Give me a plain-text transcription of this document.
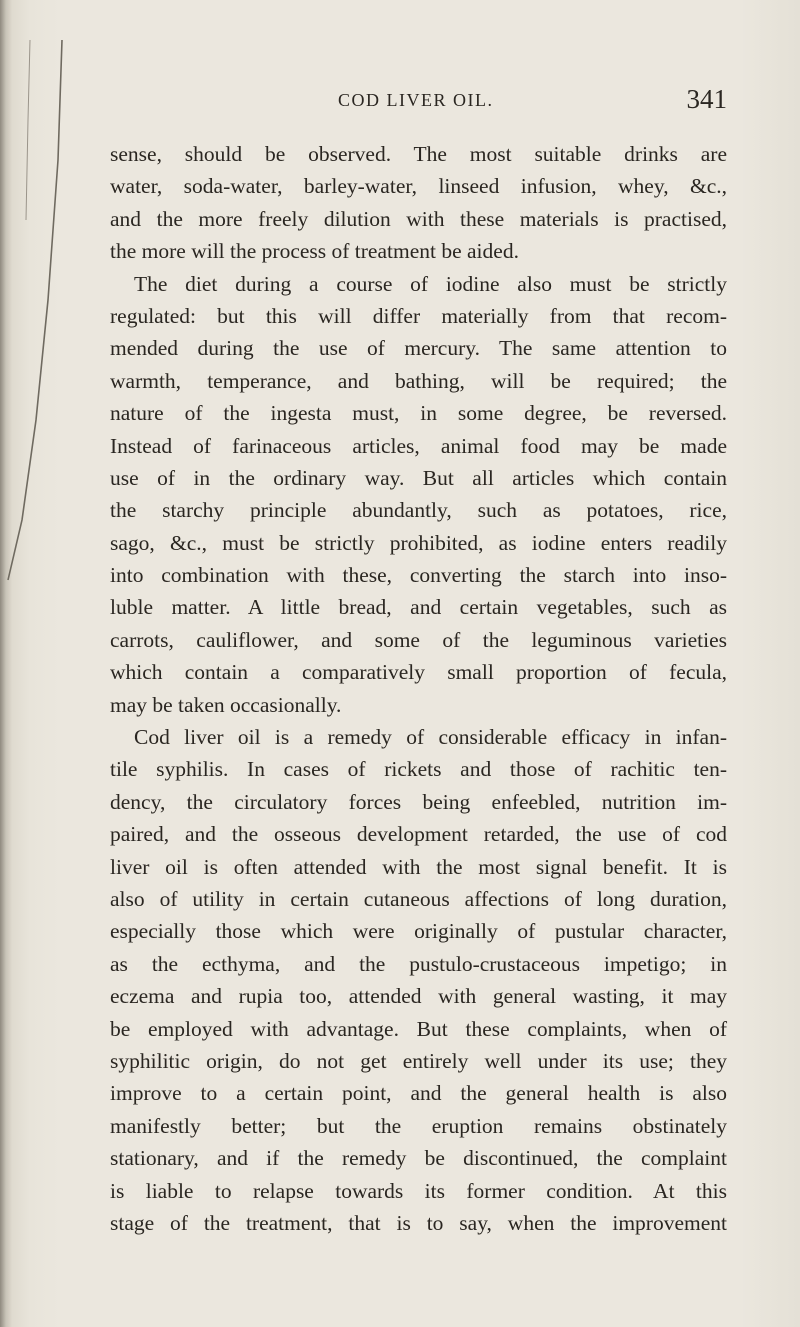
COD LIVER OIL.	341
sense, should be observed. The most suitable drinks are
water, soda-water, barley-water, linseed infusion, whey, &c.,
and the more freely dilution with these materials is practised,
the more will the process of treatment be aided.
The diet during a course of iodine also must be strictly
regulated: but this will differ materially from that recom-
mended during the use of mercury. The same attention to
warmth, temperance, and bathing, will be required; the
nature of the ingesta must, in some degree, be reversed.
Instead of farinaceous articles, animal food may be made
use of in the ordinary way. But all articles which contain
the starchy principle abundantly, such as potatoes, rice,
sago, &c., must be strictly prohibited, as iodine enters readily
into combination with these, converting the starch into inso-
luble matter. A little bread, and certain vegetables, such as
carrots, cauliflower, and some of the leguminous varieties
which contain a comparatively small proportion of fecula,
may be taken occasionally.
Cod liver oil is a remedy of considerable efficacy in infan-
tile syphilis. In cases of rickets and those of rachitic ten-
dency, the circulatory forces being enfeebled, nutrition im-
paired, and the osseous development retarded, the use of cod
liver oil is often attended with the most signal benefit. It is
also of utility in certain cutaneous affections of long duration,
especially those which were originally of pustular character,
as the ecthyma, and the pustulo-crustaceous impetigo; in
eczema and rupia too, attended with general wasting, it may
be employed with advantage. But these complaints, when of
syphilitic origin, do not get entirely well under its use; they
improve to a certain point, and the general health is also
manifestly better; but the eruption remains obstinately
stationary, and if the remedy be discontinued, the complaint
is liable to relapse towards its former condition. At this
stage of the treatment, that is to say, when the improvement
